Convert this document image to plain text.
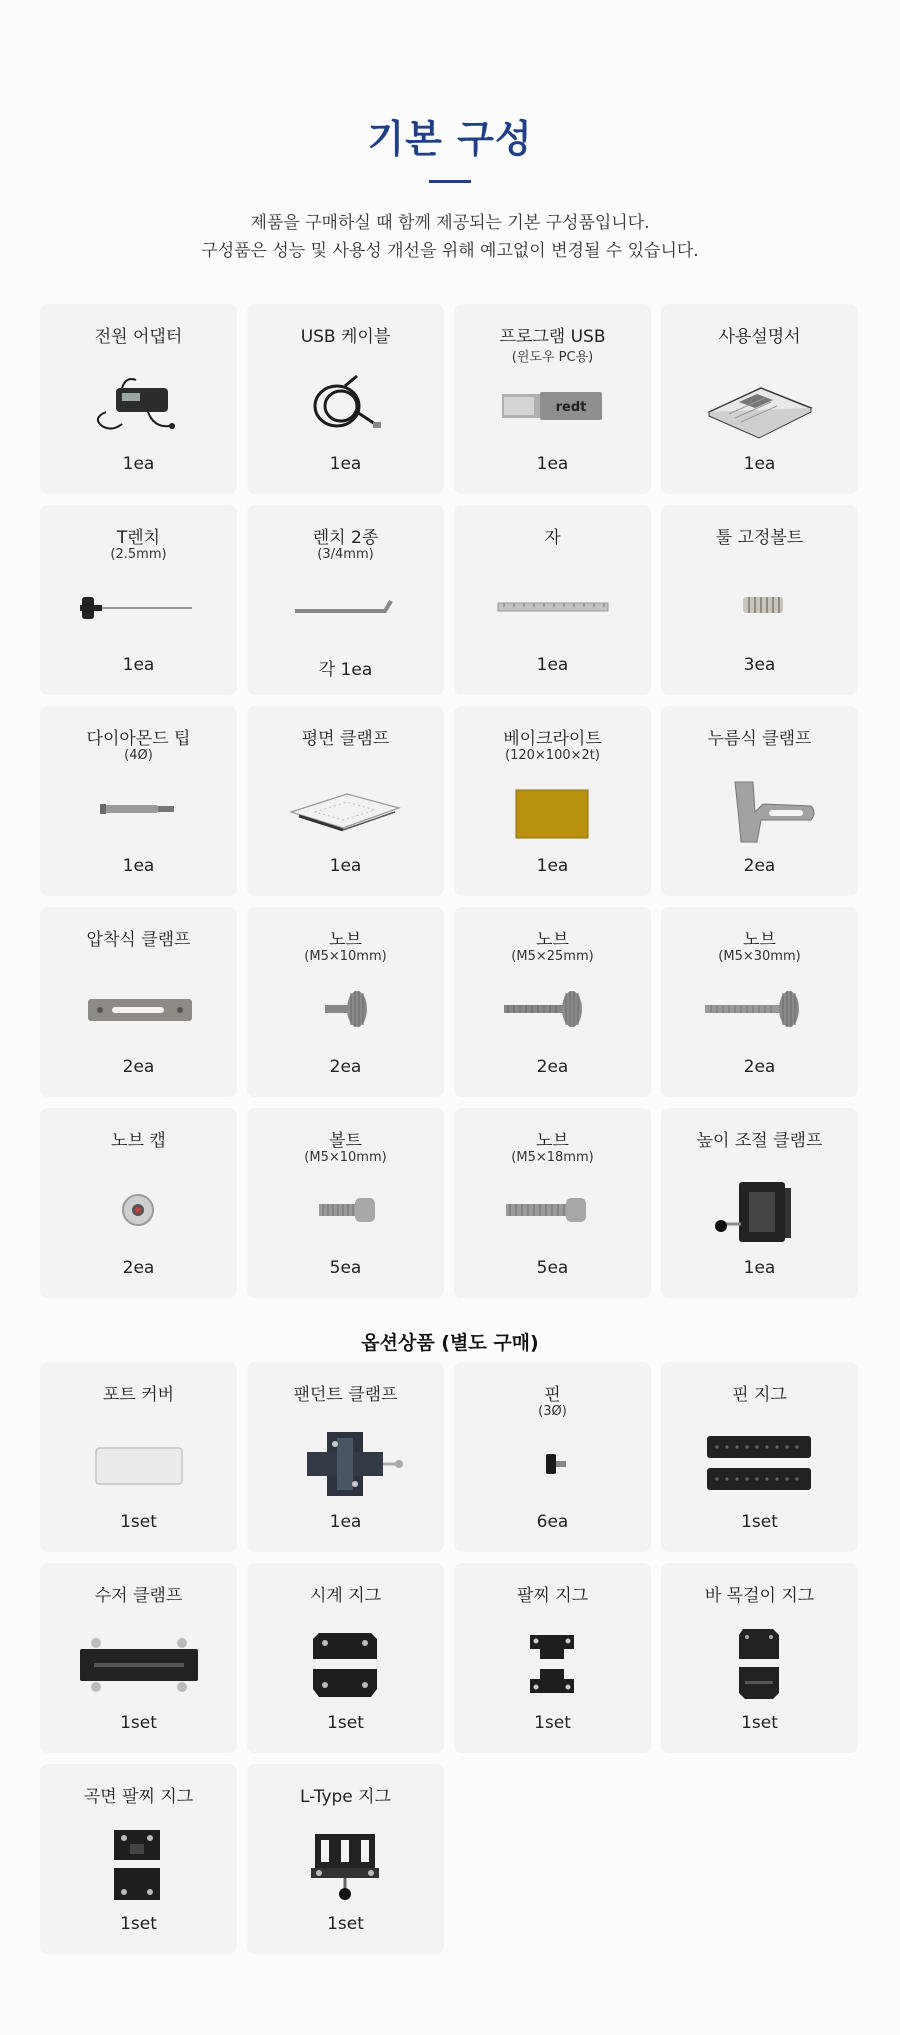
기본 구성
제품을 구매하실 때 함께 제공되는 기본 구성품입니다.
구성품은 성능 및 사용성 개선을 위해 예고없이 변경될 수 있습니다.
전원 어댑터
1ea
USB 케이블
1ea
프로그램 USB
(윈도우 PC용)
redt
1ea
사용설명서
1ea
T렌치
(2.5mm)
1ea
렌치 2종
(3/4mm)
각 1ea
자
1ea
툴 고정볼트
3ea
다이아몬드 팁
(4Ø)
1ea
평면 클램프
1ea
베이크라이트
(120×100×2t)
1ea
누름식 클램프
2ea
압착식 클램프
2ea
노브
(M5×10mm)
2ea
노브
(M5×25mm)
2ea
노브
(M5×30mm)
2ea
노브 캡
2ea
볼트
(M5×10mm)
5ea
노브
(M5×18mm)
5ea
높이 조절 클램프
1ea
옵션상품 (별도 구매)
포트 커버
1set
팬던트 클램프
1ea
핀
(3Ø)
6ea
핀 지그
1set
수저 클램프
1set
시계 지그
1set
팔찌 지그
1set
바 목걸이 지그
1set
곡면 팔찌 지그
1set
L-Type 지그
1set
